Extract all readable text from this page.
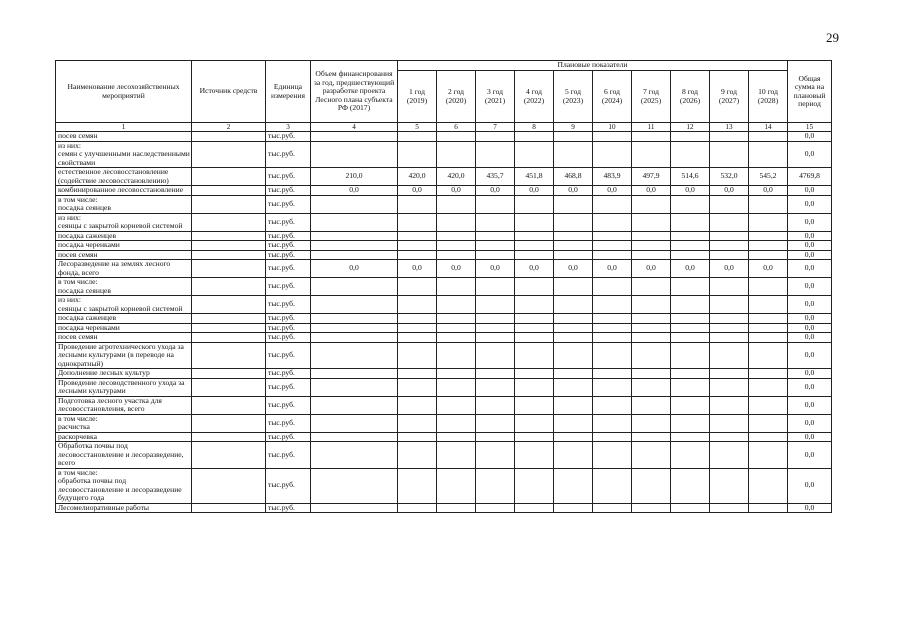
29
Наименование лесохозяйственных мероприятий	Источник средств	Единица измерения	Объем финансирования за год, предшествующий разработке проекта Лесного плана субъекта РФ (2017)	Плановые показатели										Общая сумма на плановый период
				1 год (2019)	2 год (2020)	3 год (2021)	4 год (2022)	5 год (2023)	6 год (2024)	7 год (2025)	8 год (2026)	9 год (2027)	10 год (2028)	
1	2	3	4	5	6	7	8	9	10	11	12	13	14	15
посев семян		тыс.руб.												0,0
из них:
семян с улучшенными наследственными свойствами		тыс.руб.												0,0
естественное лесовосстановление (содействие лесовосстановлению)		тыс.руб.	210,0	420,0	420,0	435,7	451,8	468,8	483,9	497,9	514,6	532,0	545,2	4769,8
комбинированное лесовосстановление		тыс.руб.	0,0	0,0	0,0	0,0	0,0	0,0	0,0	0,0	0,0	0,0	0,0	0,0
в том числе:
посадка сеянцев		тыс.руб.												0,0
из них:
сеянцы с закрытой корневой системой		тыс.руб.												0,0
посадка саженцев		тыс.руб.												0,0
посадка черенками		тыс.руб.												0,0
посев семян		тыс.руб.												0,0
Лесоразведение на землях лесного фонда, всего		тыс.руб.	0,0	0,0	0,0	0,0	0,0	0,0	0,0	0,0	0,0	0,0	0,0	0,0
в том числе:
посадка сеянцев		тыс.руб.												0,0
из них:
сеянцы с закрытой корневой системой		тыс.руб.												0,0
посадка саженцев		тыс.руб.												0,0
посадка черенками		тыс.руб.												0,0
посев семян		тыс.руб.												0,0
Проведение агротехнического ухода за лесными культурами (в переводе на однократный)		тыс.руб.												0,0
Дополнение лесных культур		тыс.руб.												0,0
Проведение лесоводственного ухода за лесными культурами		тыс.руб.												0,0
Подготовка лесного участка для лесовосстановления, всего		тыс.руб.												0,0
в том числе:
расчистка		тыс.руб.												0,0
раскорчевка		тыс.руб.												0,0
Обработка почвы под лесовосстановление и лесоразведение, всего		тыс.руб.												0,0
в том числе:
обработка почвы под лесовосстановление и лесоразведение будущего года		тыс.руб.												0,0
Лесомелиоративные работы		тыс.руб.												0,0
